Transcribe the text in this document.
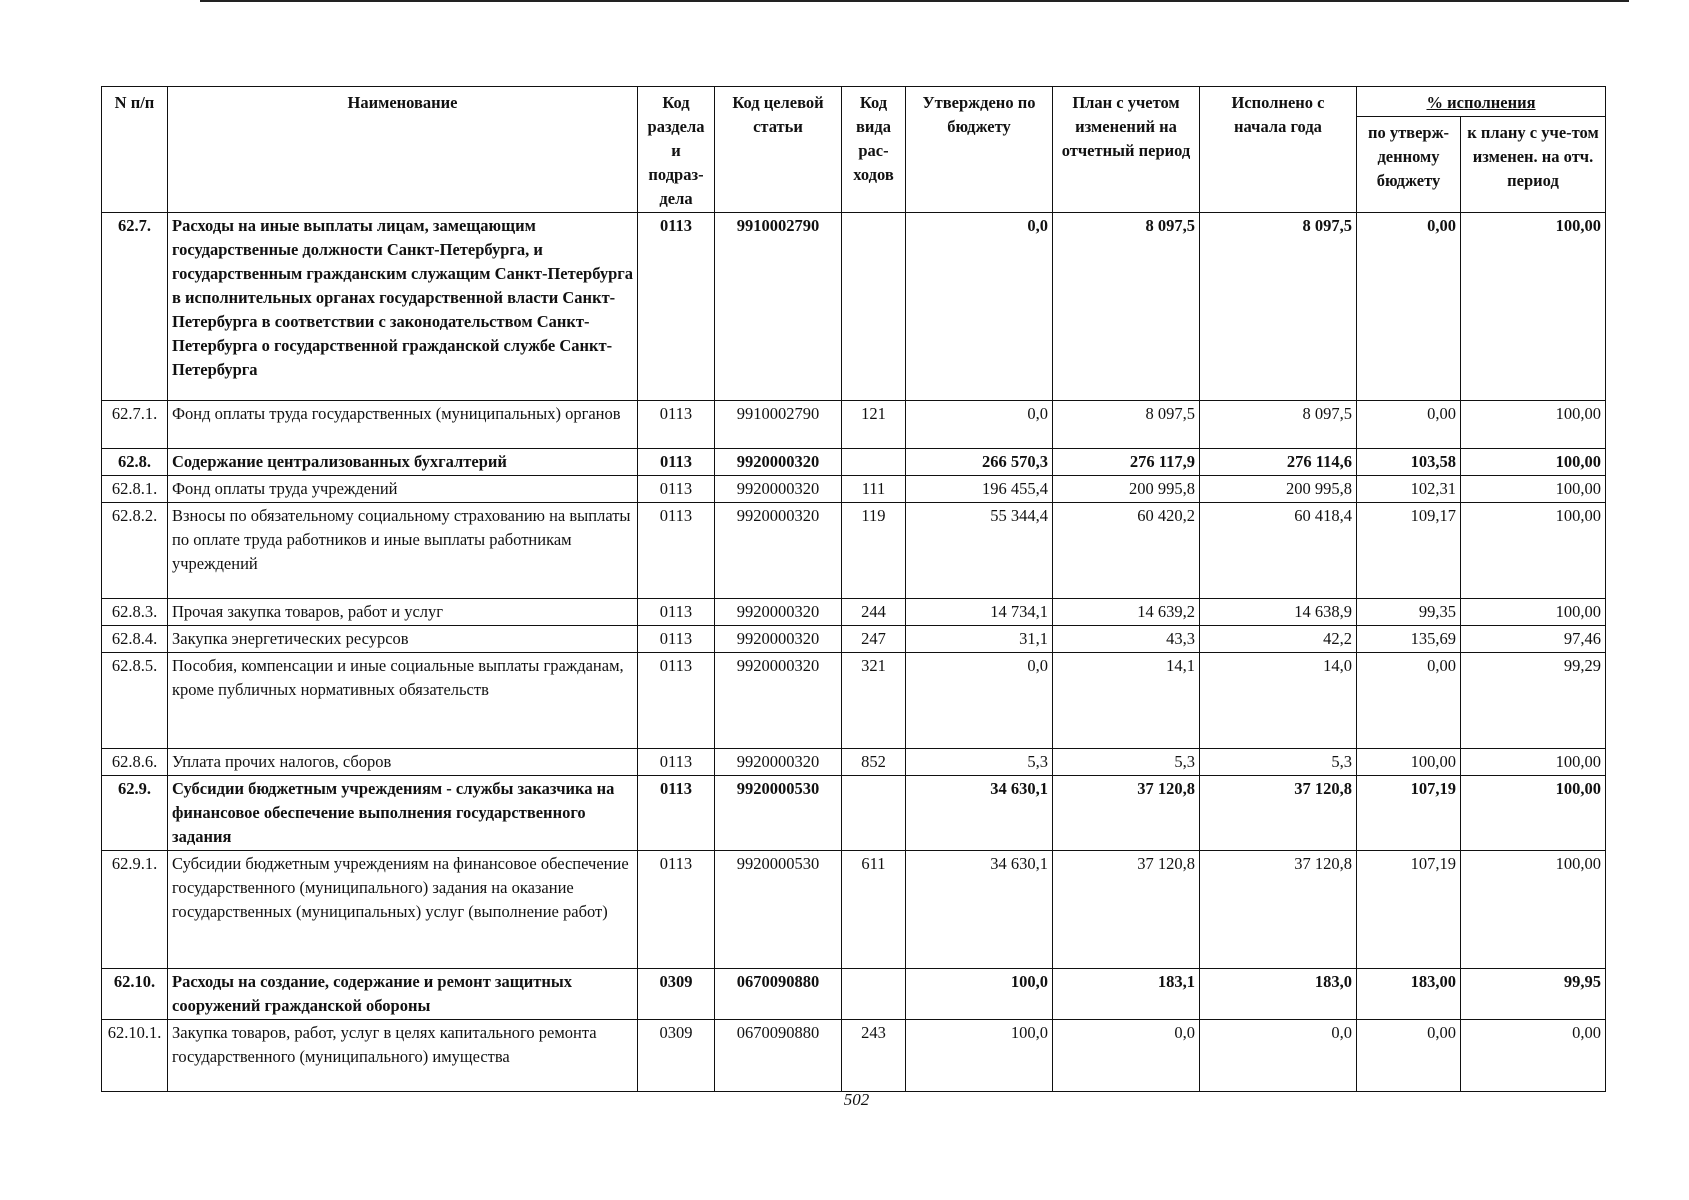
N п/п	Наименование	Код раздела и подраз-дела	Код целевой статьи	Код вида рас-ходов	Утверждено по бюджету	План с учетом изменений на отчетный период	Исполнено с начала года	% исполнения	
								по утверж-денному бюджету	к плану с уче-том изменен. на отч. период
62.7.	Расходы на иные выплаты лицам, замещающим государственные должности Санкт-Петербурга, и государственным гражданским служащим Санкт-Петербурга в исполнительных органах государственной власти Санкт-Петербурга в соответствии с законодательством Санкт-Петербурга о государственной гражданской службе Санкт-Петербурга	0113	9910002790		0,0	8 097,5	8 097,5	0,00	100,00
62.7.1.	Фонд оплаты труда государственных (муниципальных) органов	0113	9910002790	121	0,0	8 097,5	8 097,5	0,00	100,00
62.8.	Содержание централизованных бухгалтерий	0113	9920000320		266 570,3	276 117,9	276 114,6	103,58	100,00
62.8.1.	Фонд оплаты труда учреждений	0113	9920000320	111	196 455,4	200 995,8	200 995,8	102,31	100,00
62.8.2.	Взносы по обязательному социальному страхованию на выплаты по оплате труда работников и иные выплаты работникам учреждений	0113	9920000320	119	55 344,4	60 420,2	60 418,4	109,17	100,00
62.8.3.	Прочая закупка товаров, работ и услуг	0113	9920000320	244	14 734,1	14 639,2	14 638,9	99,35	100,00
62.8.4.	Закупка энергетических ресурсов	0113	9920000320	247	31,1	43,3	42,2	135,69	97,46
62.8.5.	Пособия, компенсации и иные социальные выплаты гражданам, кроме публичных нормативных обязательств	0113	9920000320	321	0,0	14,1	14,0	0,00	99,29
62.8.6.	Уплата прочих налогов, сборов	0113	9920000320	852	5,3	5,3	5,3	100,00	100,00
62.9.	Субсидии бюджетным учреждениям - службы заказчика на финансовое обеспечение выполнения государственного задания	0113	9920000530		34 630,1	37 120,8	37 120,8	107,19	100,00
62.9.1.	Субсидии бюджетным учреждениям на финансовое обеспечение государственного (муниципального) задания на оказание государственных (муниципальных) услуг (выполнение работ)	0113	9920000530	611	34 630,1	37 120,8	37 120,8	107,19	100,00
62.10.	Расходы на создание, содержание и ремонт защитных сооружений гражданской обороны	0309	0670090880		100,0	183,1	183,0	183,00	99,95
62.10.1.	Закупка товаров, работ, услуг в целях капитального ремонта государственного (муниципального) имущества	0309	0670090880	243	100,0	0,0	0,0	0,00	0,00
502
